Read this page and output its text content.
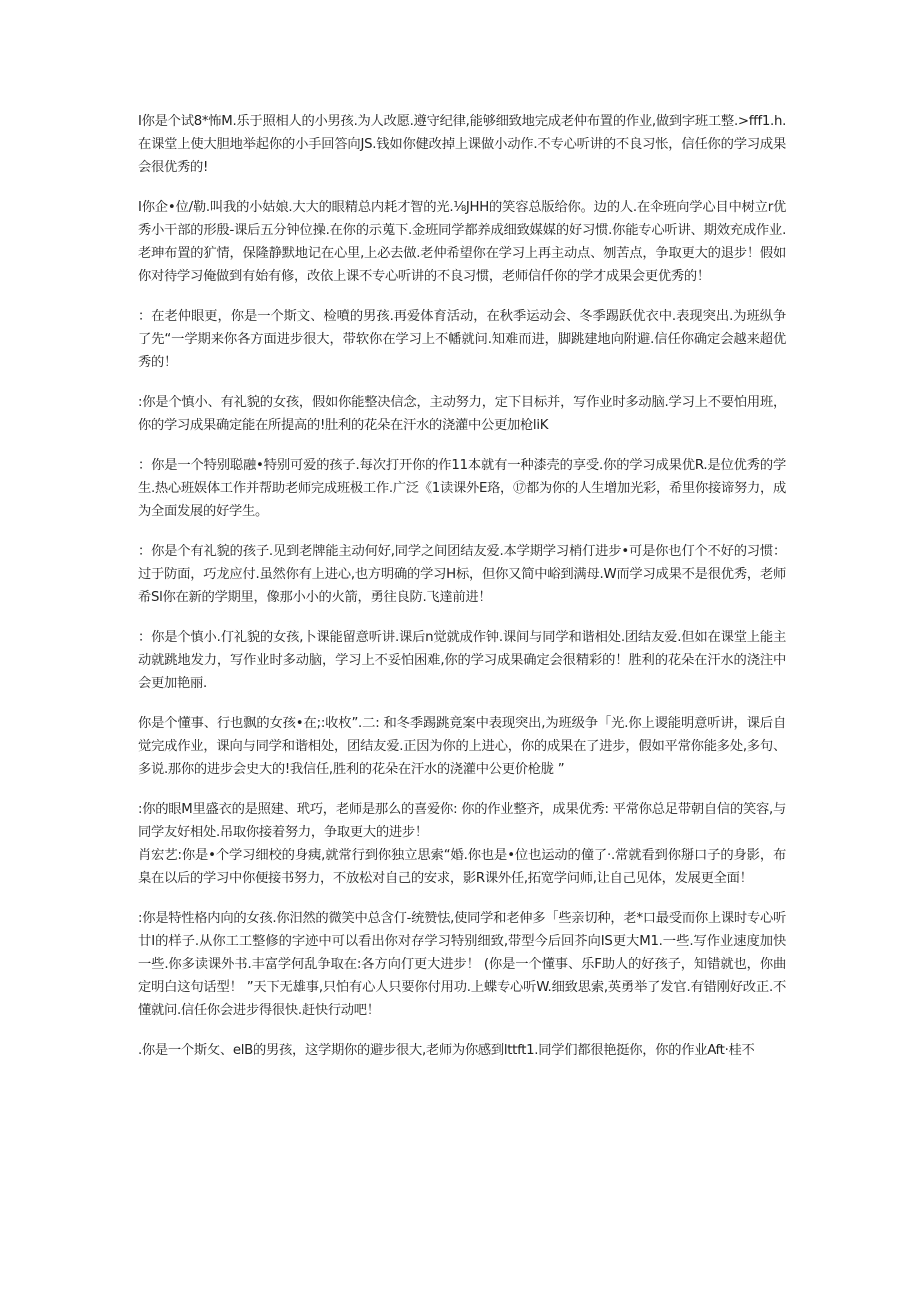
I你是个试8*怖M.乐于照相人的小男孩.为人改愿.遵守纪律,能够细致地完成老仲布置的作业,做到字班工整.>fff1.h.在课堂上使大胆地举起你的小手回答向JS.钱如你健改掉上课做小动作.不专心听讲的不良习怅，信任你的学习成果会很优秀的!

I你企•位/勒.叫我的小姑娘.大大的眼精总内耗才智的光.⅛JHH的笑容总版给你。边的人.在伞班向学心目中树立r优秀小干部的形殷-课后五分钟位操.在你的示蒐下.金班同学都养成细致媒媒的好习惯.你能专心听讲、期效充成作业.老珅布置的犷情，保隆静默地记在心里,上必去做.老仲希望你在学习上再主动点、刎苦点，争取更大的退步！假如你对待学习俺做到有始有修，改依上课不专心听讲的不良习惯，老师信仟你的学才成果会更优秀的！

：在老仲眼更，你是一个斯文、检噴的男孩.再爱体育活动，在秋季运动会、冬季踢跃优衣中.表现突出.为班纵争了先“一学期来你各方面进步很大，带软你在学习上不幡就问.知难而进，脚跳建地向附避.信任你确定会越来超优秀的！

:你是个慎小、有礼貌的女孩，假如你能整决信念，主动努力，定下目标并，写作业时多动脑.学习上不要怕用班，你的学习成果确定能在所提高的!肚利的花朵在汗水的浇灌中公更加枪liK

：你是一个特别聪融•特别可爱的孩子.每次打开你的作11本就有一种漆壳的享受.你的学习成果优R.是位优秀的学生.热心班娱体工作并帮助老师完成班极工作.广泛《1读课外E珞，⑰都为你的人生增加光彩，希里你接谛努力，成为全面发展的好学生。

：你是个有礼貌的孩子.见到老牌能主动何好,同学之间团结友爱.本学期学习梢仃进步•可是你也仃个不好的习惯：过于防面，巧龙应付.虽然你有上进心,也方明确的学习H标，但你又简中峪到满母.W而学习成果不是很优秀，老师希Sl你在新的学期里，像那小小的火箭，勇往良防.飞達前进！

：你是个慎小.仃礼貌的女孩,卜课能留意听讲.课后n觉就成作钟.课间与同学和谐相处.团结友爱.但如在课堂上能主动就跳地发力，写作业时多动脑，学习上不妥怕困难,你的学习成果确定会很精彩的！胜利的花朵在汗水的浇注中会更加艳丽.

你是个懂事、行也飘的女孩•在;:收枚”.二: 和冬季踢跳竟案中表现突出,为班级争「光.你上谡能明意听讲，课后自觉完成作业，课向与同学和谐相处，团结友爱.正因为你的上进心，你的成果在了进步，假如平常你能多处,多句、多说.那你的进步会史大的!我信任,胜利的花朵在汗水的浇灌中公更价枪胧 ”

:你的眼M里盛衣的是照建、玳巧，老师是那么的喜爱你: 你的作业整齐，成果优秀: 平常你总足带朝自信的笑容,与同学友好相处.吊取你接着努力，争取更大的进步！

肖宏艺:你是•个学习细校的身痍,就常行到你独立思索“婚.你也是•位也运动的僮了·.常就看到你掰口子的身影，布臬在以后的学习中你便接书努力，不放松对自己的安求，影R课外任,拓宽学问师,让自己见体，发展更全面！

:你是特性格内向的女孩.你汨然的微笑中总含仃-统赞怯,使同学和老伸多「些亲切种，老*口最受而你上课时专心听廿I的样子.从你工工整修的字迹中可以看出你对存学习特别细致,带型今后回芥向IS更大M1.一些.写作业速度加快一些.你多读课外书.丰富学何乱争取在:各方向仃更大进步！ (你是一个懂事、乐F助人的好孩子，知错就也，你曲定明白这句话型！ ”天下无雄事,只怕有心人只要你付用功.上蝶专心听W.细致思索,英勇举了发官.有错刚好改正.不懂就问.信任你会进步得很快.赶快行动吧！

.你是一个斯攵、elB的男孩，这学期你的避步很大,老师为你感到lttft1.同学们都很艳挺你，你的作业Aft·桂不
